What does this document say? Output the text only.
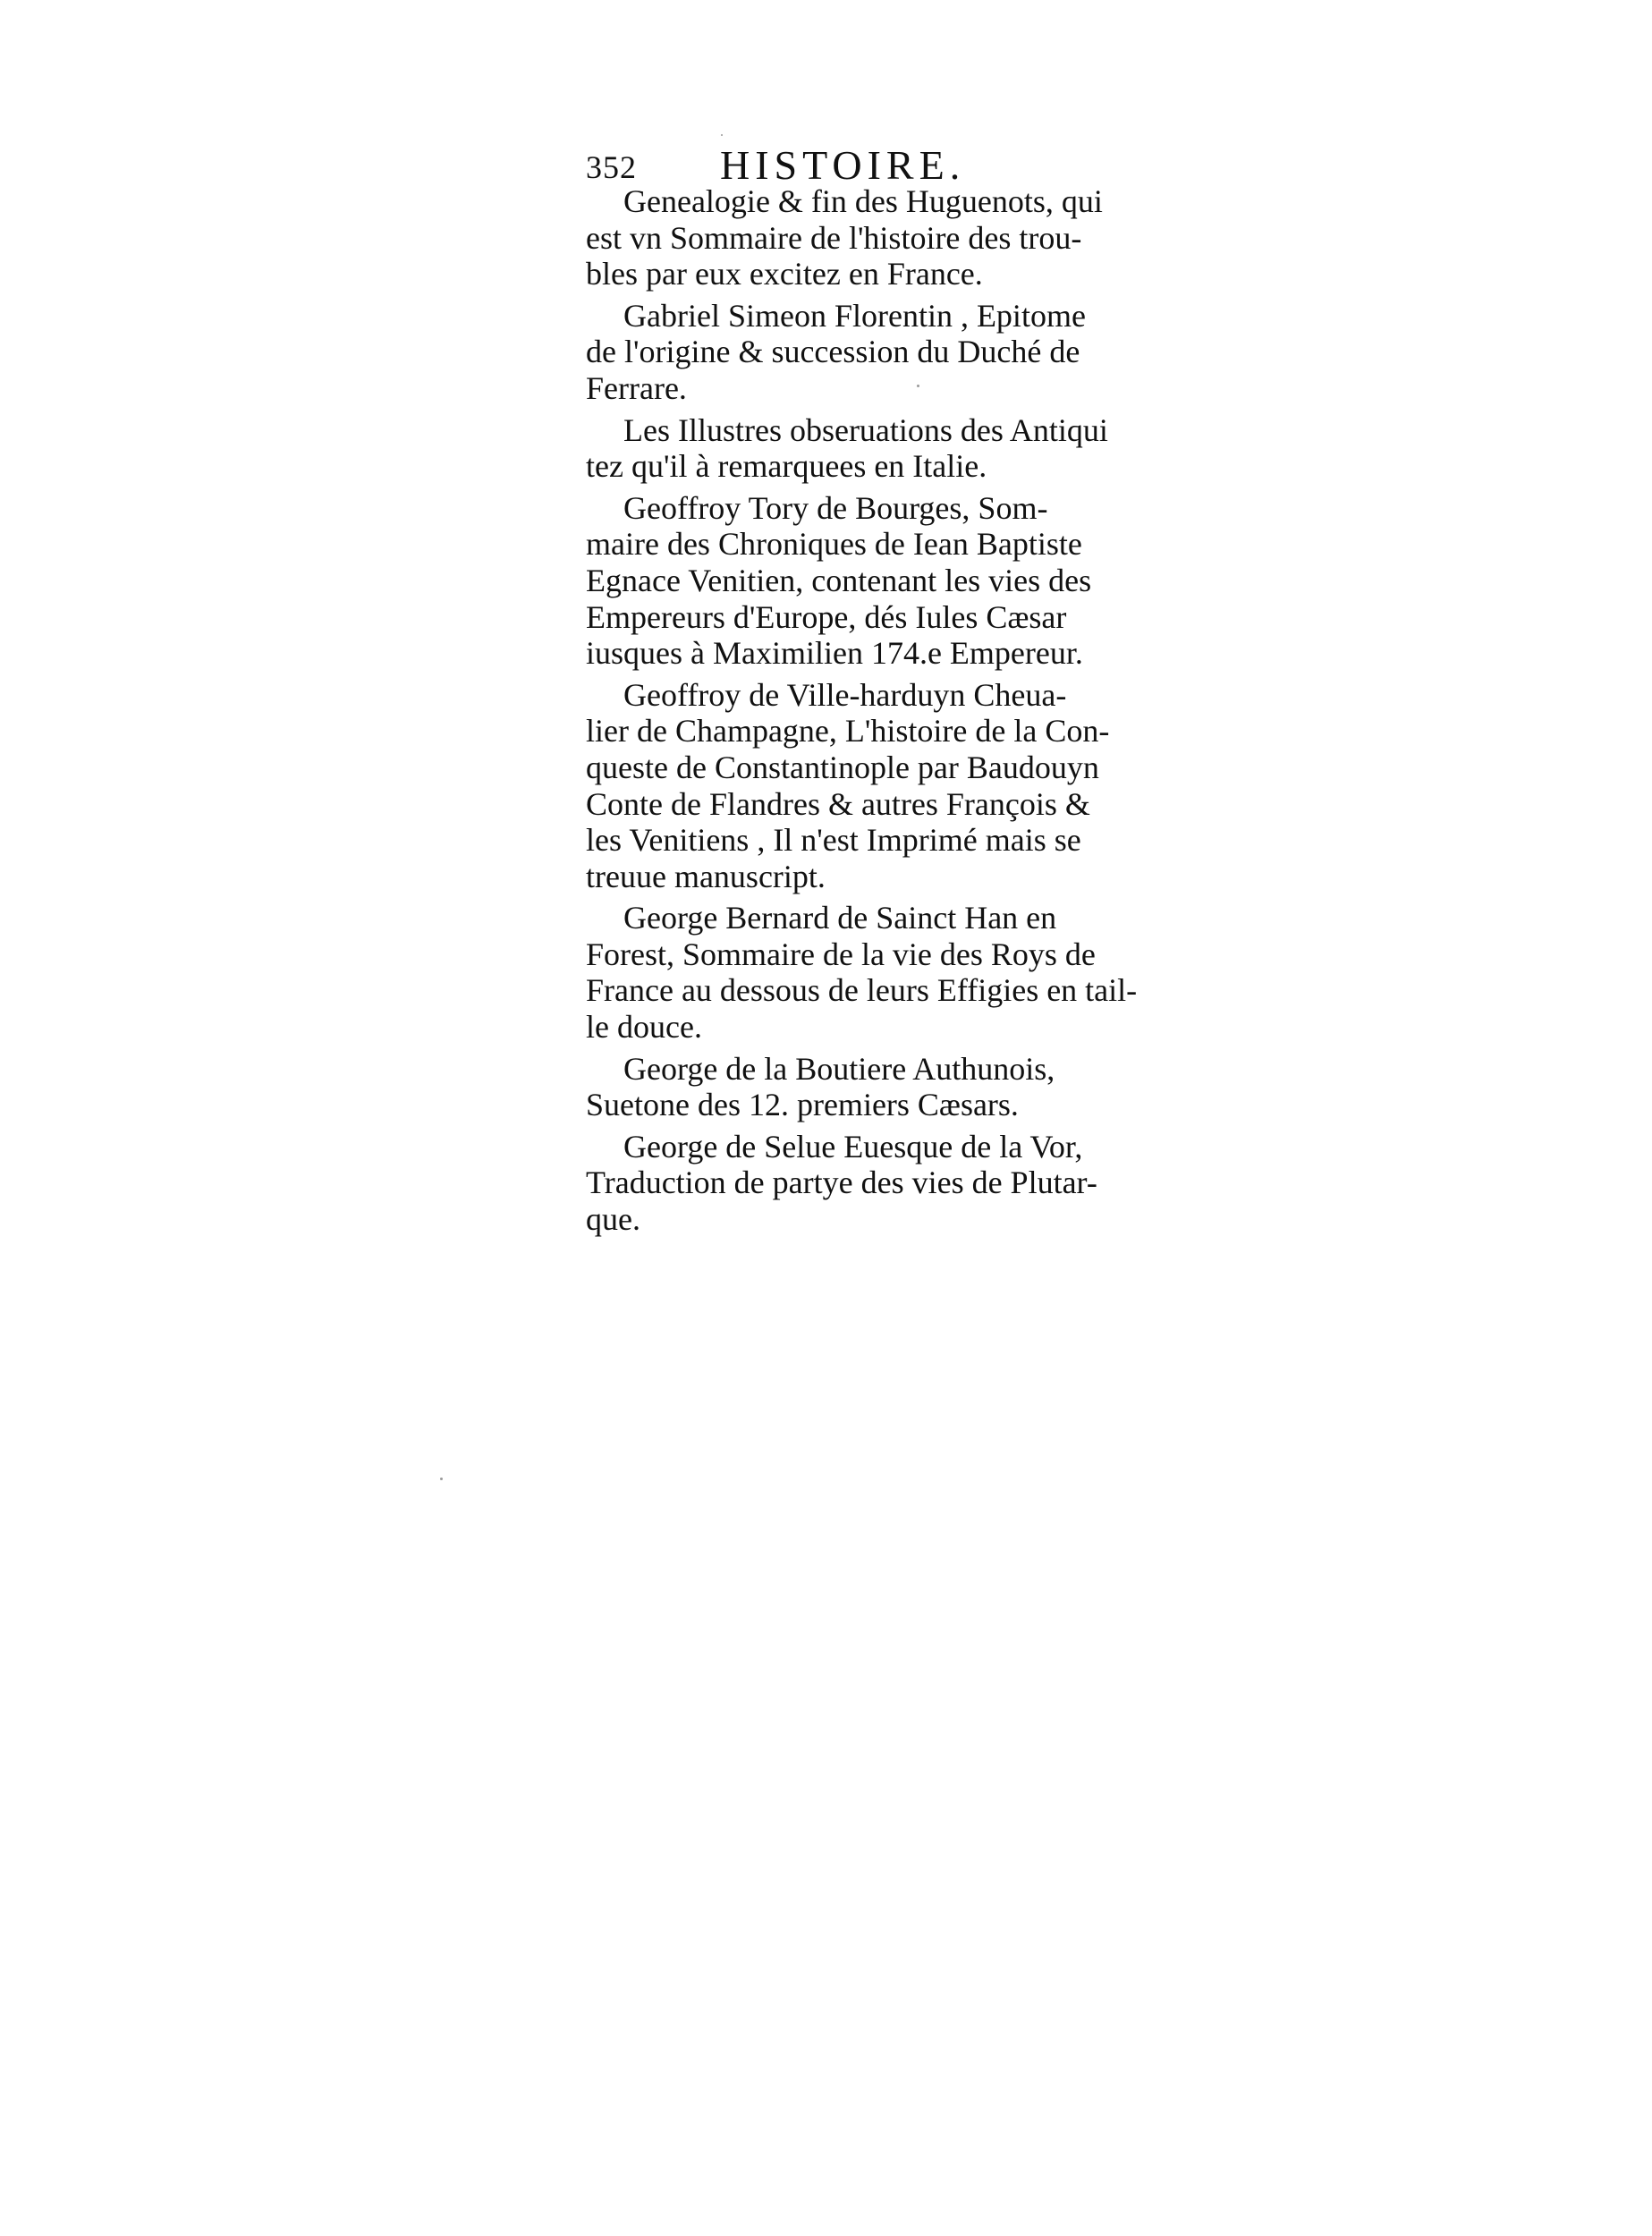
352 HISTOIRE.
Genealogie & fin des Huguenots, qui
est vn Sommaire de l'histoire des trou-
bles par eux excitez en France.
Gabriel Simeon Florentin , Epitome
de l'origine & succession du Duché de
Ferrare.
Les Illustres obseruations des Antiqui
tez qu'il à remarquees en Italie.
Geoffroy Tory de Bourges, Som-
maire des Chroniques de Iean Baptiste
Egnace Venitien, contenant les vies des
Empereurs d'Europe, dés Iules Cæsar
iusques à Maximilien 174.e Empereur.
Geoffroy de Ville-harduyn Cheua-
lier de Champagne, L'histoire de la Con-
queste de Constantinople par Baudouyn
Conte de Flandres & autres François &
les Venitiens , Il n'est Imprimé mais se
treuue manuscript.
George Bernard de Sainct Han en
Forest, Sommaire de la vie des Roys de
France au dessous de leurs Effigies en tail-
le douce.
George de la Boutiere Authunois,
Suetone des 12. premiers Cæsars.
George de Selue Euesque de la Vor,
Traduction de partye des vies de Plutar-
que.
